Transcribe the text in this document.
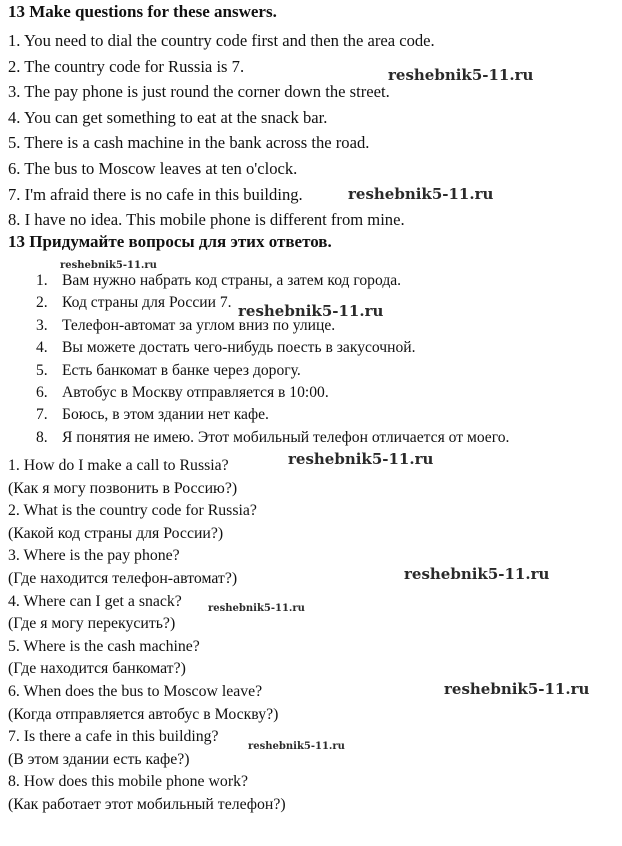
13 Make questions for these answers.
1. You need to dial the country code first and then the area code.
2. The country code for Russia is 7.
3. The pay phone is just round the corner down the street.
4. You can get something to eat at the snack bar.
5. There is a cash machine in the bank across the road.
6. The bus to Moscow leaves at ten o'clock.
7. I'm afraid there is no cafe in this building.
8. I have no idea. This mobile phone is different from mine.
13 Придумайте вопросы для этих ответов.
1. Вам нужно набрать код страны, а затем код города.
2. Код страны для России 7.
3. Телефон-автомат за углом вниз по улице.
4. Вы можете достать чего-нибудь поесть в закусочной.
5. Есть банкомат в банке через дорогу.
6. Автобус в Москву отправляется в 10:00.
7. Боюсь, в этом здании нет кафе.
8. Я понятия не имею. Этот мобильный телефон отличается от моего.
1. How do I make a call to Russia?
(Как я могу позвонить в Россию?)
2. What is the country code for Russia?
(Какой код страны для России?)
3. Where is the pay phone?
(Где находится телефон-автомат?)
4. Where can I get a snack?
(Где я могу перекусить?)
5. Where is the cash machine?
(Где находится банкомат?)
6. When does the bus to Moscow leave?
(Когда отправляется автобус в Москву?)
7. Is there a cafe in this building?
(В этом здании есть кафе?)
8. How does this mobile phone work?
(Как работает этот мобильный телефон?)
reshebnik5-11.ru
reshebnik5-11.ru
reshebnik5-11.ru
reshebnik5-11.ru
reshebnik5-11.ru
reshebnik5-11.ru
reshebnik5-11.ru
reshebnik5-11.ru
reshebnik5-11.ru
